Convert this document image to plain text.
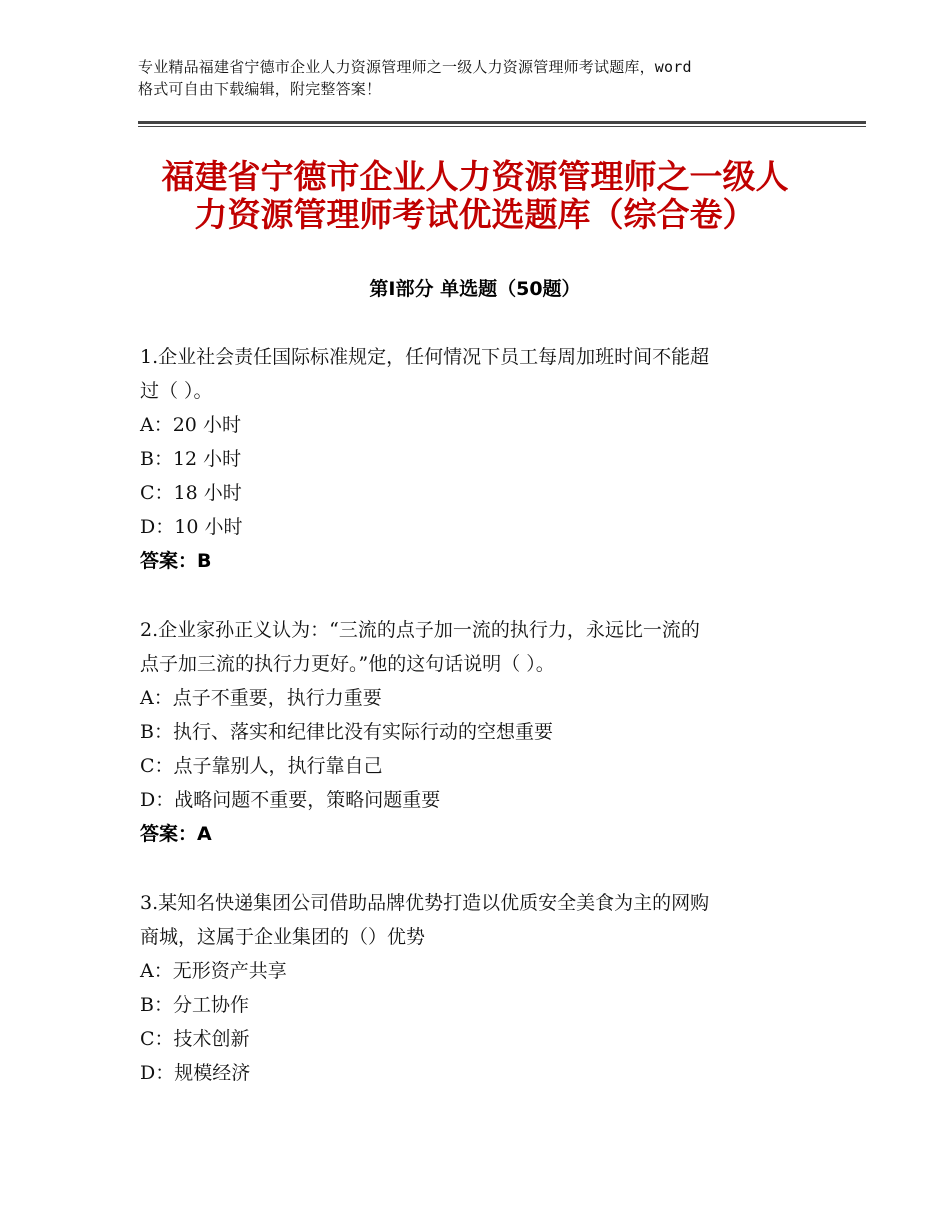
专业精品福建省宁德市企业人力资源管理师之一级人力资源管理师考试题库，word
格式可自由下载编辑，附完整答案！
福建省宁德市企业人力资源管理师之一级人
力资源管理师考试优选题库（综合卷）
第Ⅰ部分 单选题（50题）

1.企业社会责任国际标准规定，任何情况下员工每周加班时间不能超

过（ ）。

A：20 小时

B：12 小时

C：18 小时

D：10 小时

答案：B

2.企业家孙正义认为：“三流的点子加一流的执行力，永远比一流的

点子加三流的执行力更好。”他的这句话说明（ ）。

A：点子不重要，执行力重要

B：执行、落实和纪律比没有实际行动的空想重要

C：点子靠别人，执行靠自己

D：战略问题不重要，策略问题重要

答案：A

3.某知名快递集团公司借助品牌优势打造以优质安全美食为主的网购

商城，这属于企业集团的（）优势

A：无形资产共享

B：分工协作

C：技术创新

D：规模经济
